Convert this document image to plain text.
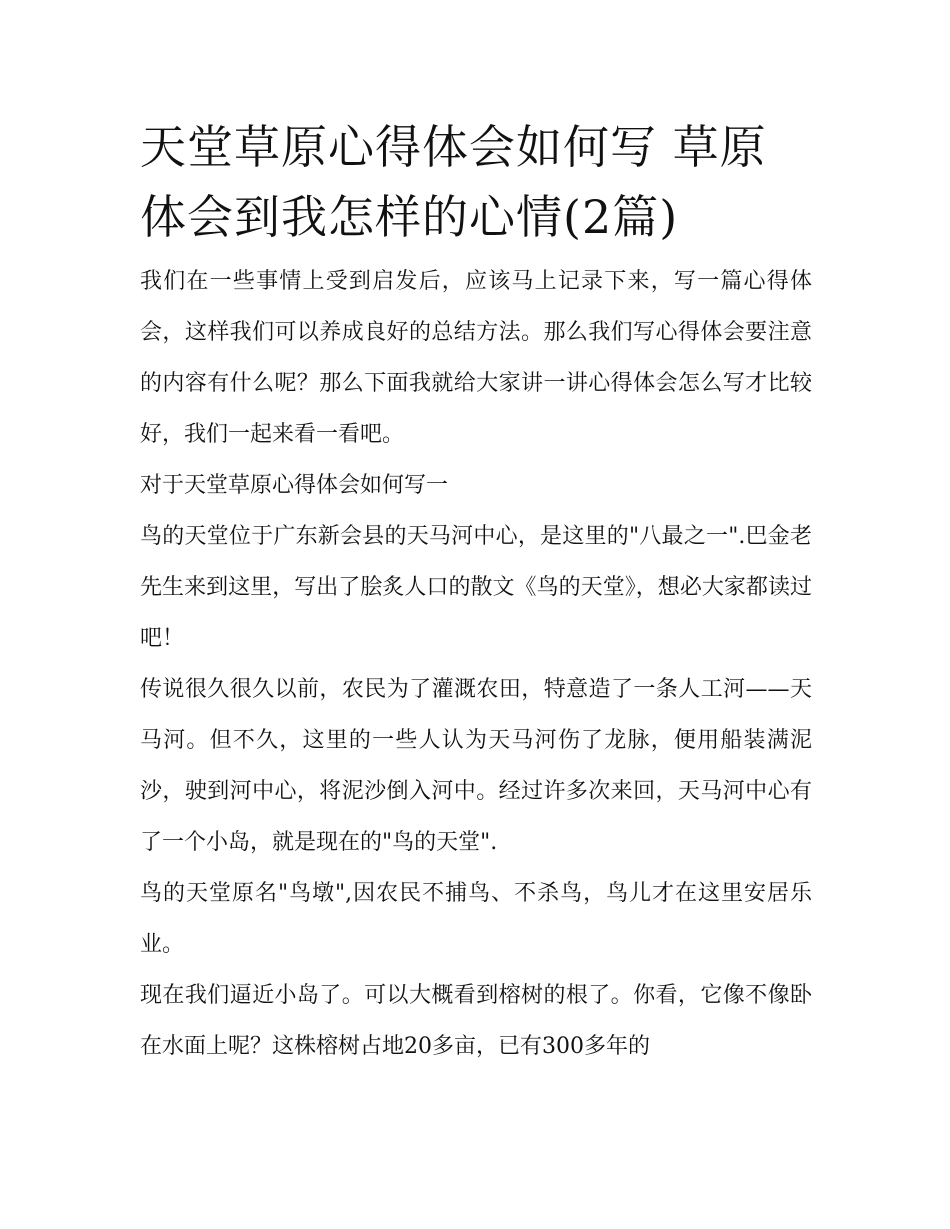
天堂草原心得体会如何写 草原体会到我怎样的心情(2篇)

我们在一些事情上受到启发后，应该马上记录下来，写一篇心得体会，这样我们可以养成良好的总结方法。那么我们写心得体会要注意的内容有什么呢？那么下面我就给大家讲一讲心得体会怎么写才比较好，我们一起来看一看吧。

对于天堂草原心得体会如何写一

鸟的天堂位于广东新会县的天马河中心，是这里的"八最之一".巴金老先生来到这里，写出了脍炙人口的散文《鸟的天堂》，想必大家都读过吧！

传说很久很久以前，农民为了灌溉农田，特意造了一条人工河——天马河。但不久，这里的一些人认为天马河伤了龙脉，便用船装满泥沙，驶到河中心，将泥沙倒入河中。经过许多次来回，天马河中心有了一个小岛，就是现在的"鸟的天堂".

鸟的天堂原名"鸟墩",因农民不捕鸟、不杀鸟，鸟儿才在这里安居乐业。

现在我们逼近小岛了。可以大概看到榕树的根了。你看，它像不像卧在水面上呢？这株榕树占地20多亩，已有300多年的
